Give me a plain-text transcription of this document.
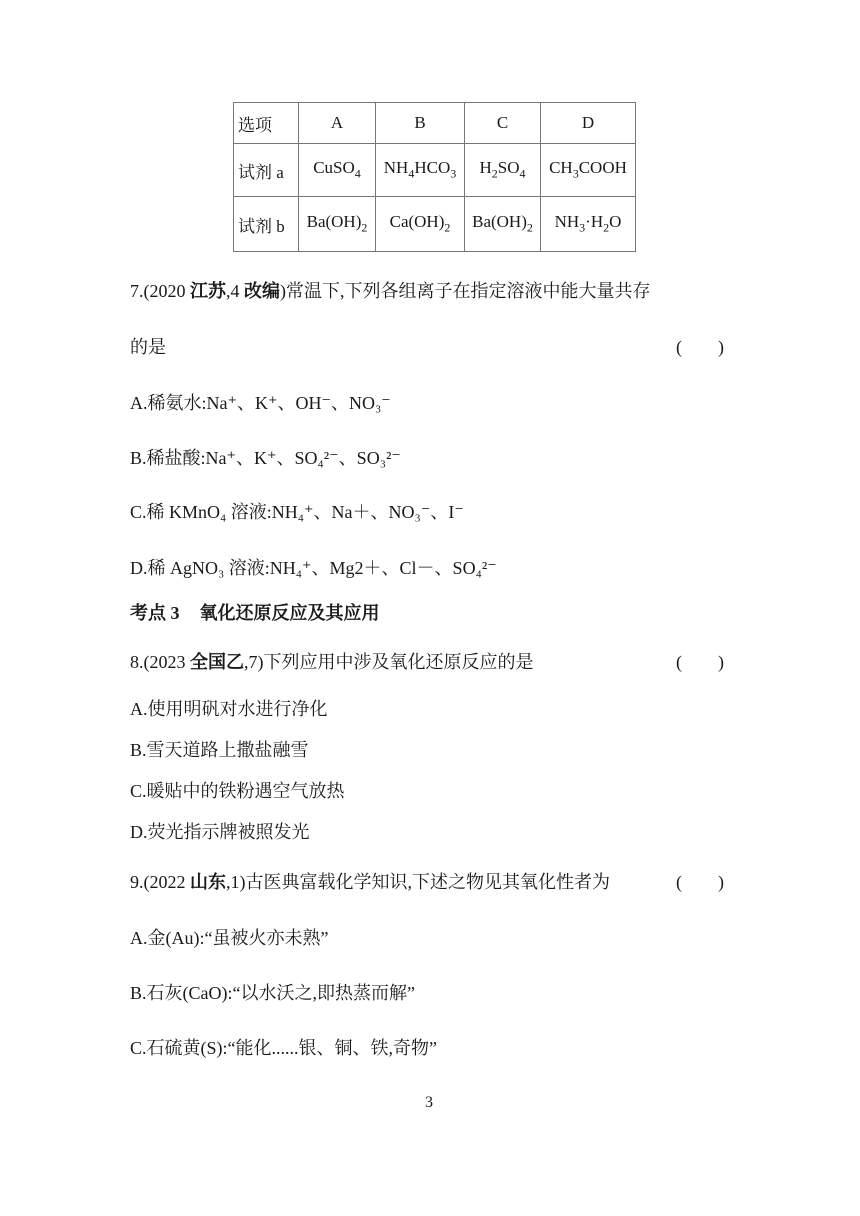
选项	A	B	C	D
试剂 a	CuSO$_4$	$NH_4HCO_3$	$H_2SO_4$	$CH_3COOH$
试剂 b	$Ba(OH)_2$	$Ca(OH)_2$	$Ba(OH)_2$	$NH_3\cdot H_2O$
7.(2020 江苏,4 改编)常温下,下列各组离子在指定溶液中能大量共存
的是	(　　)
A.稀氨水:Na⁺、K⁺、OH⁻、NO₃⁻
B.稀盐酸:Na⁺、K⁺、SO₄²⁻、SO₃²⁻
C.稀 KMnO₄ 溶液:NH₄⁺、Na＋、NO₃⁻、I⁻
D.稀 AgNO₃ 溶液:NH₄⁺、Mg2＋、Cl－、SO₄²⁻
考点 3 氧化还原反应及其应用
8.(2023 全国乙,7)下列应用中涉及氧化还原反应的是	(　　)
A.使用明矾对水进行净化
B.雪天道路上撒盐融雪
C.暖贴中的铁粉遇空气放热
D.荧光指示牌被照发光
9.(2022 山东,1)古医典富载化学知识,下述之物见其氧化性者为	(　　)
A.金(Au):“虽被火亦未熟”
B.石灰(CaO):“以水沃之,即热蒸而解”
C.石硫黄(S):“能化......银、铜、铁,奇物”
3
